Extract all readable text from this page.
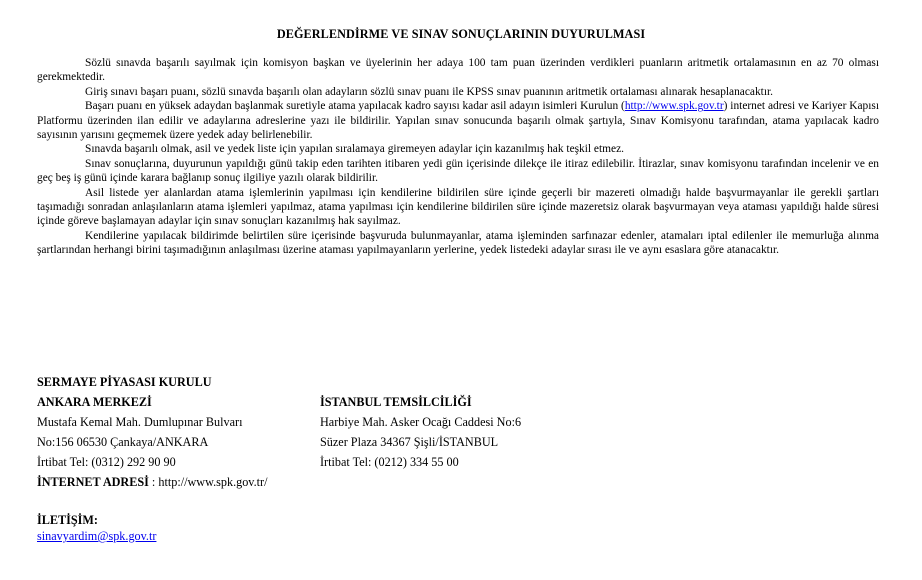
DEĞERLENDİRME VE SINAV SONUÇLARININ DUYURULMASI

Sözlü sınavda başarılı sayılmak için komisyon başkan ve üyelerinin her adaya 100 tam puan üzerinden verdikleri puanların aritmetik ortalamasının en az 70 olması gerekmektedir.

Giriş sınavı başarı puanı, sözlü sınavda başarılı olan adayların sözlü sınav puanı ile KPSS sınav puanının aritmetik ortalaması alınarak hesaplanacaktır.

Başarı puanı en yüksek adaydan başlanmak suretiyle atama yapılacak kadro sayısı kadar asil adayın isimleri Kurulun (http://www.spk.gov.tr) internet adresi ve Kariyer Kapısı Platformu üzerinden ilan edilir ve adaylarına adreslerine yazı ile bildirilir. Yapılan sınav sonucunda başarılı olmak şartıyla, Sınav Komisyonu tarafından, atama yapılacak kadro sayısının yarısını geçmemek üzere yedek aday belirlenebilir.

Sınavda başarılı olmak, asil ve yedek liste için yapılan sıralamaya giremeyen adaylar için kazanılmış hak teşkil etmez.

Sınav sonuçlarına, duyurunun yapıldığı günü takip eden tarihten itibaren yedi gün içerisinde dilekçe ile itiraz edilebilir. İtirazlar, sınav komisyonu tarafından incelenir ve en geç beş iş günü içinde karara bağlanıp sonuç ilgiliye yazılı olarak bildirilir.

Asil listede yer alanlardan atama işlemlerinin yapılması için kendilerine bildirilen süre içinde geçerli bir mazereti olmadığı halde başvurmayanlar ile gerekli şartları taşımadığı sonradan anlaşılanların atama işlemleri yapılmaz, atama yapılması için kendilerine bildirilen süre içinde mazeretsiz olarak başvurmayan veya ataması yapıldığı halde süresi içinde göreve başlamayan adaylar için sınav sonuçları kazanılmış hak sayılmaz.

Kendilerine yapılacak bildirimde belirtilen süre içerisinde başvuruda bulunmayanlar, atama işleminden sarfınazar edenler, atamaları iptal edilenler ile memurluğa alınma şartlarından herhangi birini taşımadığının anlaşılması üzerine ataması yapılmayanların yerlerine, yedek listedeki adaylar sırası ile ve aynı esaslara göre atanacaktır.

SERMAYE PİYASASI KURULU
ANKARA MERKEZİ
Mustafa Kemal Mah. Dumlupınar Bulvarı
No:156 06530 Çankaya/ANKARA
İrtibat Tel: (0312) 292 90 90
İNTERNET ADRESİ : http://www.spk.gov.tr/
İSTANBUL TEMSİLCİLİĞİ
Harbiye Mah. Asker Ocağı Caddesi No:6
Süzer Plaza 34367 Şişli/İSTANBUL
İrtibat Tel: (0212) 334 55 00
İLETİŞİM:
sinavyardim@spk.gov.tr
